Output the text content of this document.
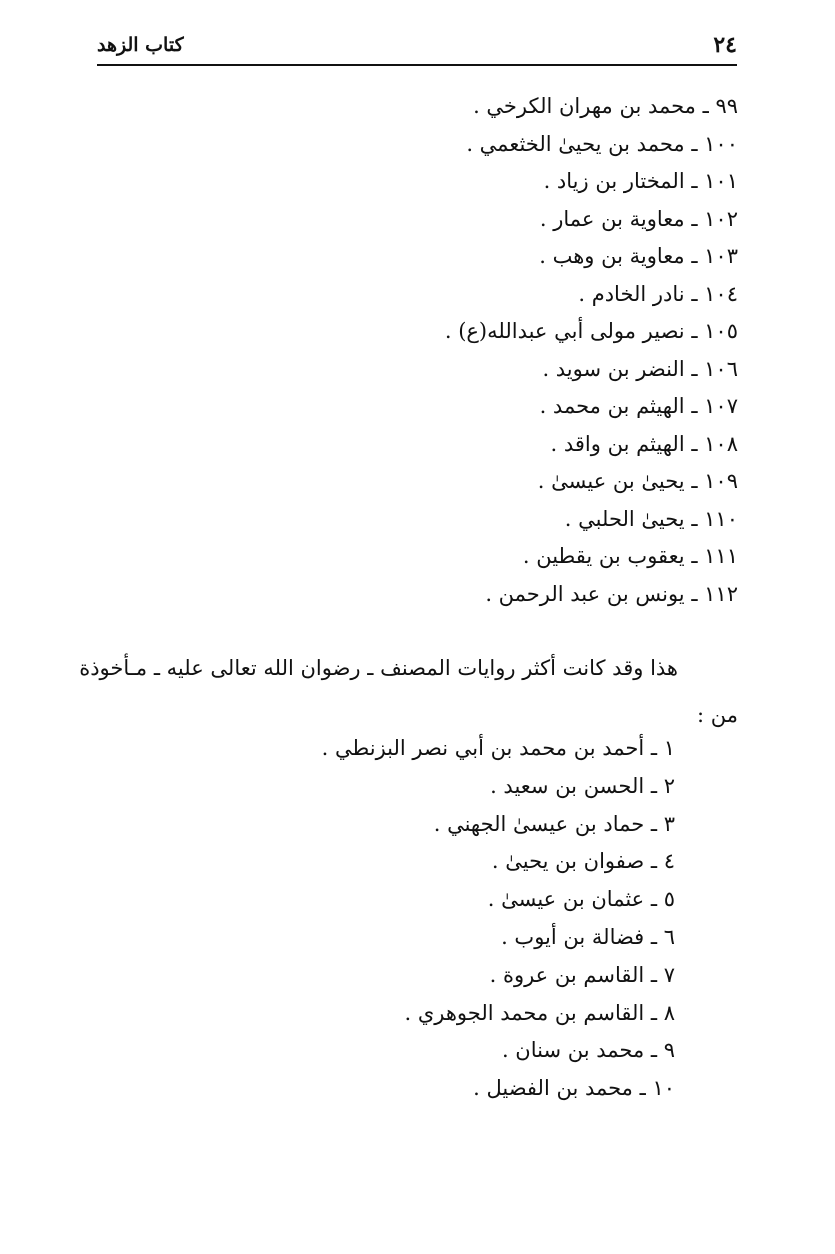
٢٤
كتاب الزهد
٩٩ ـ محمد بن مهران الكرخي .
١٠٠ ـ محمد بن يحيىٰ الخثعمي .
١٠١ ـ المختار بن زياد .
١٠٢ ـ معاوية بن عمار .
١٠٣ ـ معاوية بن وهب .
١٠٤ ـ نادر الخادم .
١٠٥ ـ نصير مولى أبي عبدالله(ع) .
١٠٦ ـ النضر بن سويد .
١٠٧ ـ الهيثم بن محمد .
١٠٨ ـ الهيثم بن واقد .
١٠٩ ـ يحيىٰ بن عيسىٰ .
١١٠ ـ يحيىٰ الحلبي .
١١١ ـ يعقوب بن يقطين .
١١٢ ـ يونس بن عبد الرحمن .
هذا وقد كانت أكثر روايات المصنف ـ رضوان الله تعالى عليه ـ مـأخوذة
من :
١ ـ أحمد بن محمد بن أبي نصر البزنطي .
٢ ـ الحسن بن سعيد .
٣ ـ حماد بن عيسىٰ الجهني .
٤ ـ صفوان بن يحيىٰ .
٥ ـ عثمان بن عيسىٰ .
٦ ـ فضالة بن أيوب .
٧ ـ القاسم بن عروة .
٨ ـ القاسم بن محمد الجوهري .
٩ ـ محمد بن سنان .
١٠ ـ محمد بن الفضيل .
